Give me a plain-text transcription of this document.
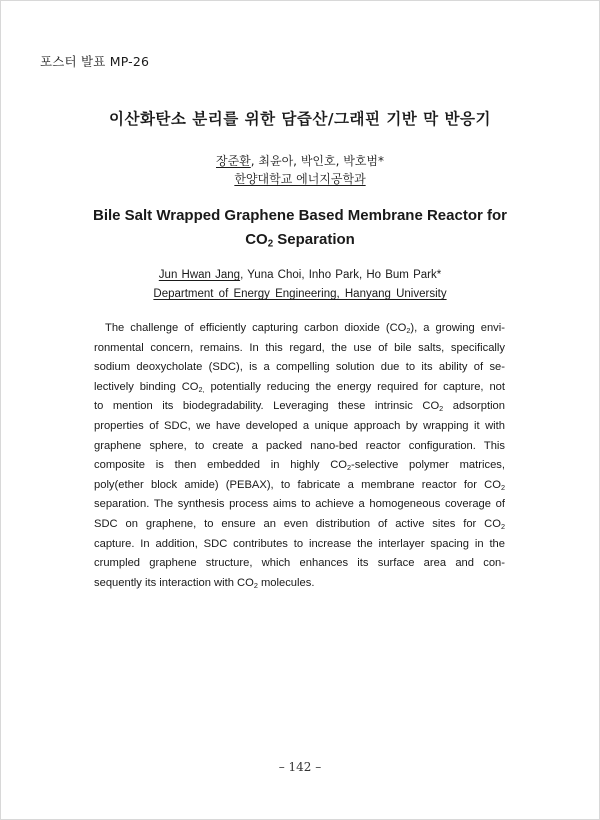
포스터 발표 MP-26
이산화탄소 분리를 위한 담즙산/그래핀 기반 막 반응기
장준환, 최윤아, 박인호, 박호범*
한양대학교 에너지공학과
Bile Salt Wrapped Graphene Based Membrane Reactor for
$CO_2$ Separation
Jun Hwan Jang, Yuna Choi, Inho Park, Ho Bum Park*
Department of Energy Engineering, Hanyang University
The challenge of efficiently capturing carbon dioxide $(CO_2)$, a growing envi-
ronmental concern, remains. In this regard, the use of bile salts, specifically
sodium deoxycholate (SDC), is a compelling solution due to its ability of se-
lectively binding $CO_{2,}$ potentially reducing the energy required for capture, not
to mention its biodegradability. Leveraging these intrinsic $CO_2$ adsorption
properties of SDC, we have developed a unique approach by wrapping it with
graphene sphere, to create a packed nano-bed reactor configuration. This
composite is then embedded in highly $CO_2$-selective polymer matrices,
poly(ether block amide) (PEBAX), to fabricate a membrane reactor for $CO_2$
separation. The synthesis process aims to achieve a homogeneous coverage of
SDC on graphene, to ensure an even distribution of active sites for $CO_2$
capture. In addition, SDC contributes to increase the interlayer spacing in the
crumpled graphene structure, which enhances its surface area and con-
sequently its interaction with $CO_2$ molecules.
– 142 –
